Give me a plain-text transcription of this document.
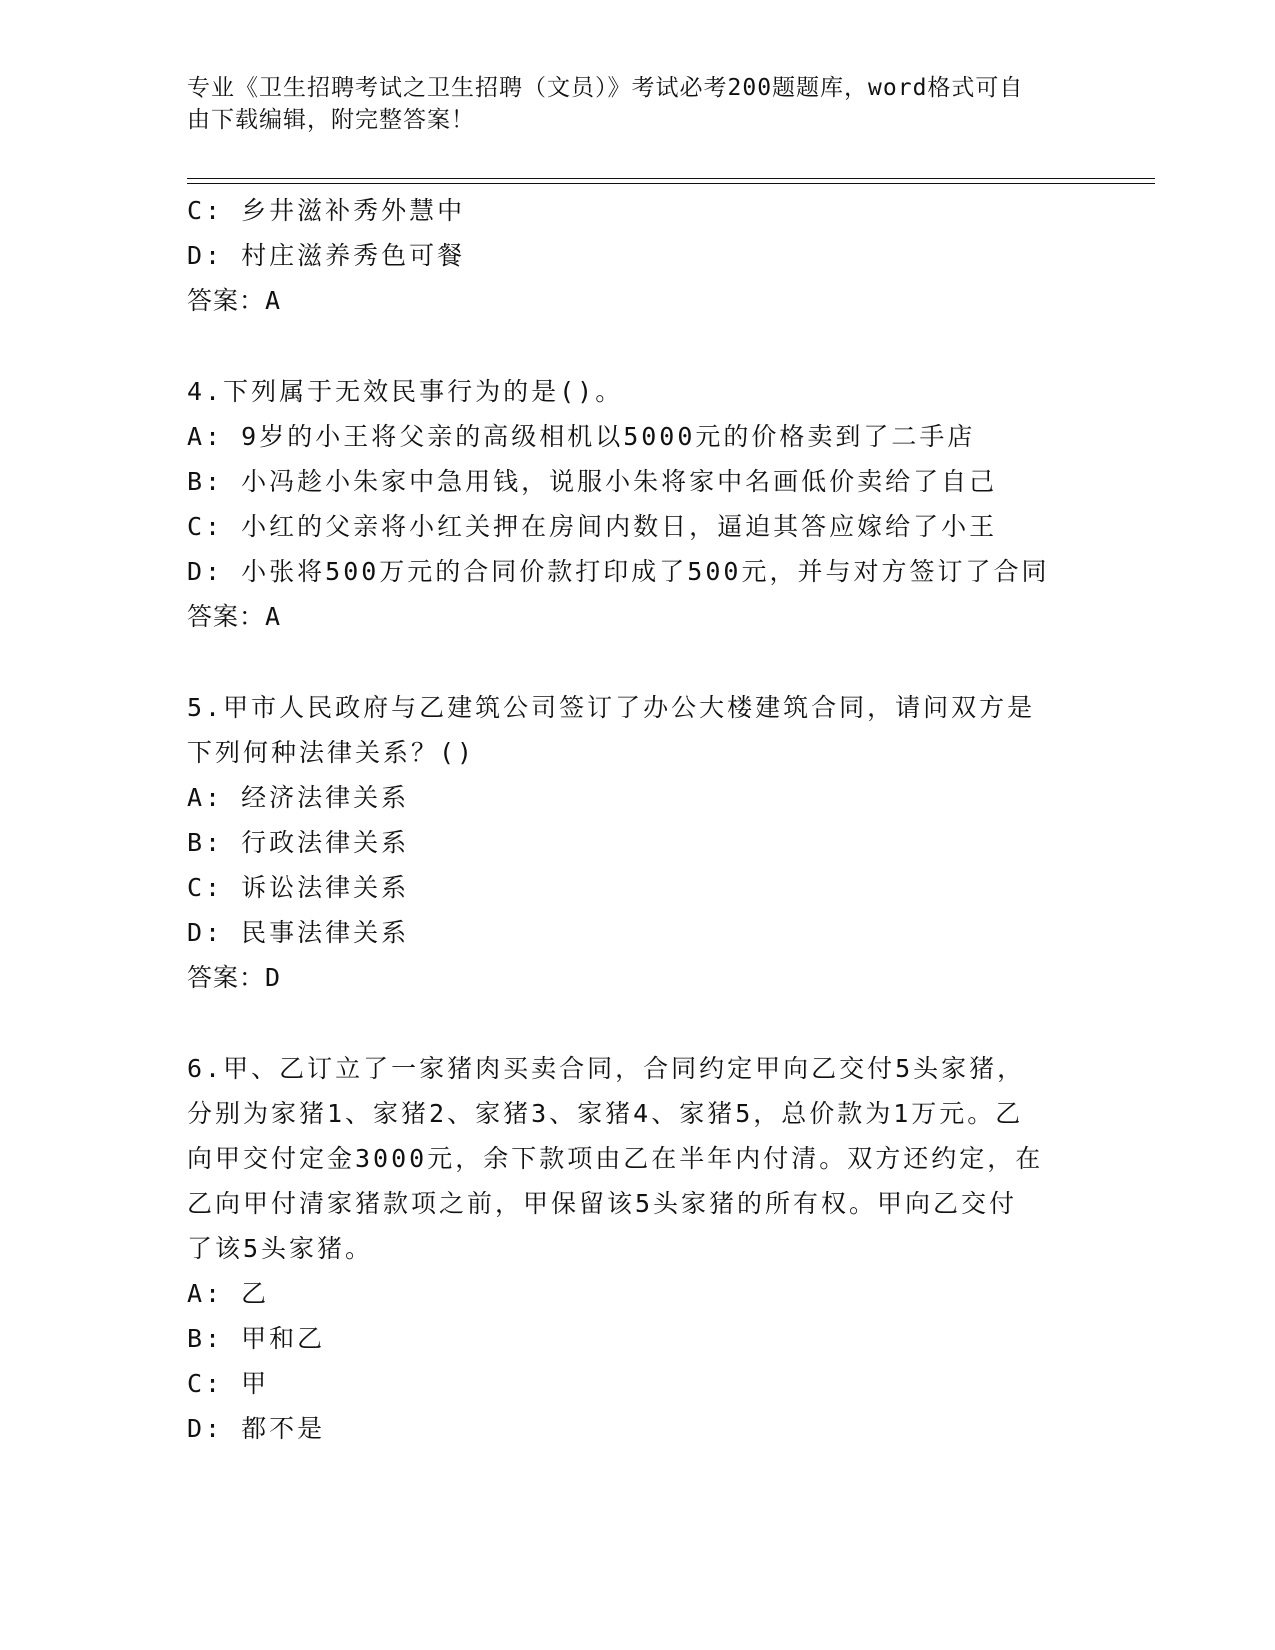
专业《卫生招聘考试之卫生招聘（文员）》考试必考200题题库，word格式可自
由下载编辑，附完整答案！
C: 乡井滋补秀外慧中
D: 村庄滋养秀色可餐
答案：A
4.下列属于无效民事行为的是()。
A: 9岁的小王将父亲的高级相机以5000元的价格卖到了二手店
B: 小冯趁小朱家中急用钱，说服小朱将家中名画低价卖给了自己
C: 小红的父亲将小红关押在房间内数日，逼迫其答应嫁给了小王
D: 小张将500万元的合同价款打印成了500元，并与对方签订了合同
答案：A
5.甲市人民政府与乙建筑公司签订了办公大楼建筑合同，请问双方是
下列何种法律关系？()
A: 经济法律关系
B: 行政法律关系
C: 诉讼法律关系
D: 民事法律关系
答案：D
6.甲、乙订立了一家猪肉买卖合同，合同约定甲向乙交付5头家猪，
分别为家猪1、家猪2、家猪3、家猪4、家猪5，总价款为1万元。乙
向甲交付定金3000元，余下款项由乙在半年内付清。双方还约定，在
乙向甲付清家猪款项之前，甲保留该5头家猪的所有权。甲向乙交付
了该5头家猪。
A: 乙
B: 甲和乙
C: 甲
D: 都不是
